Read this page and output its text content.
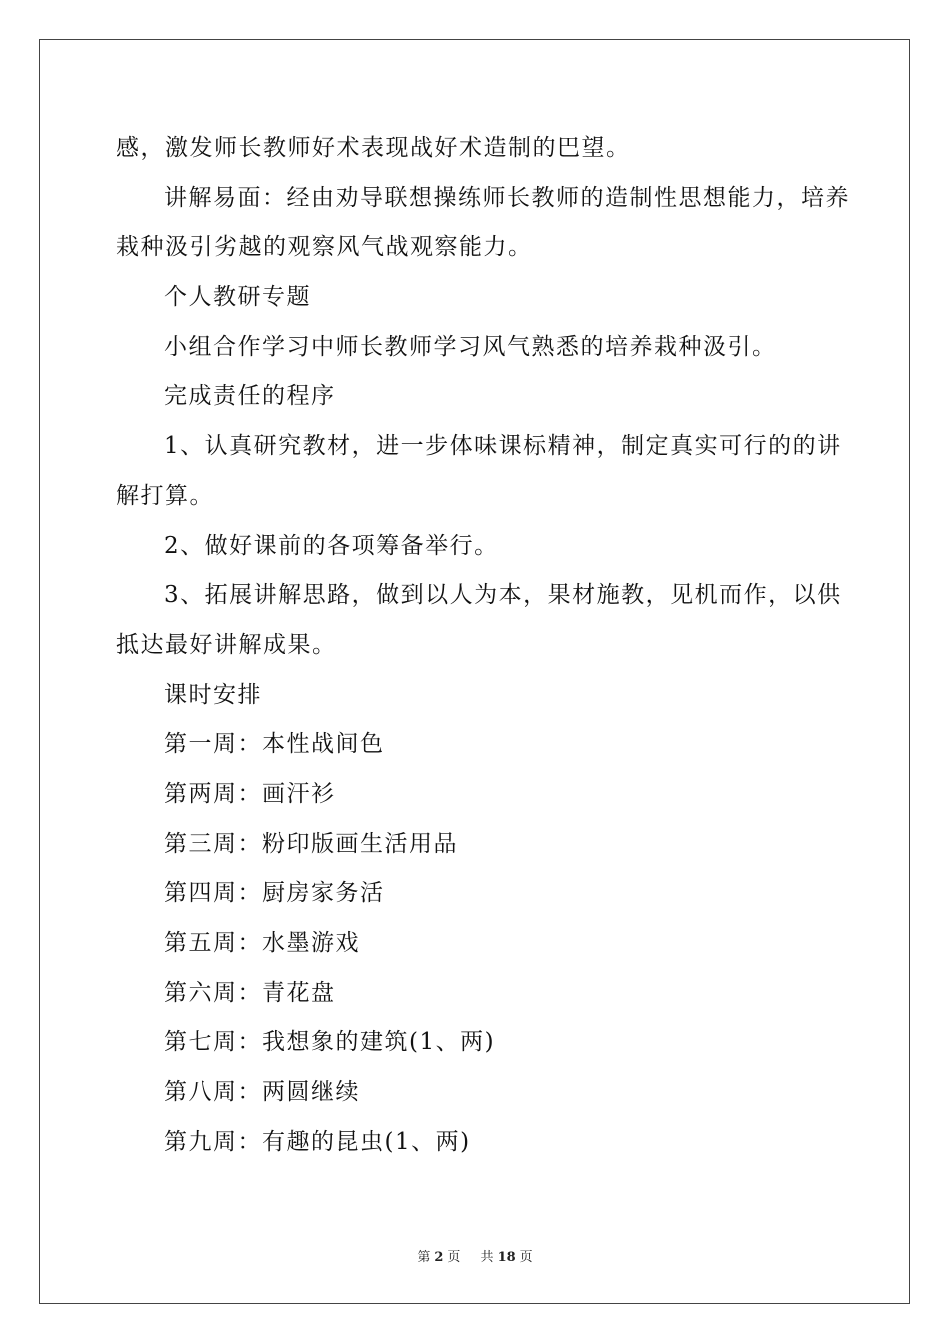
感，激发师长教师好术表现战好术造制的巴望。
讲解易面：经由劝导联想操练师长教师的造制性思想能力，培养
栽种汲引劣越的观察风气战观察能力。
个人教研专题
小组合作学习中师长教师学习风气熟悉的培养栽种汲引。
完成责任的程序
1、认真研究教材，进一步体味课标精神，制定真实可行的的讲
解打算。
2、做好课前的各项筹备举行。
3、拓展讲解思路，做到以人为本，果材施教，见机而作，以供
抵达最好讲解成果。
课时安排
第一周：本性战间色
第两周：画汗衫
第三周：粉印版画生活用品
第四周：厨房家务活
第五周：水墨游戏
第六周：青花盘
第七周：我想象的建筑(1、两)
第八周：两圆继续
第九周：有趣的昆虫(1、两)
第 2 页 共 18 页
